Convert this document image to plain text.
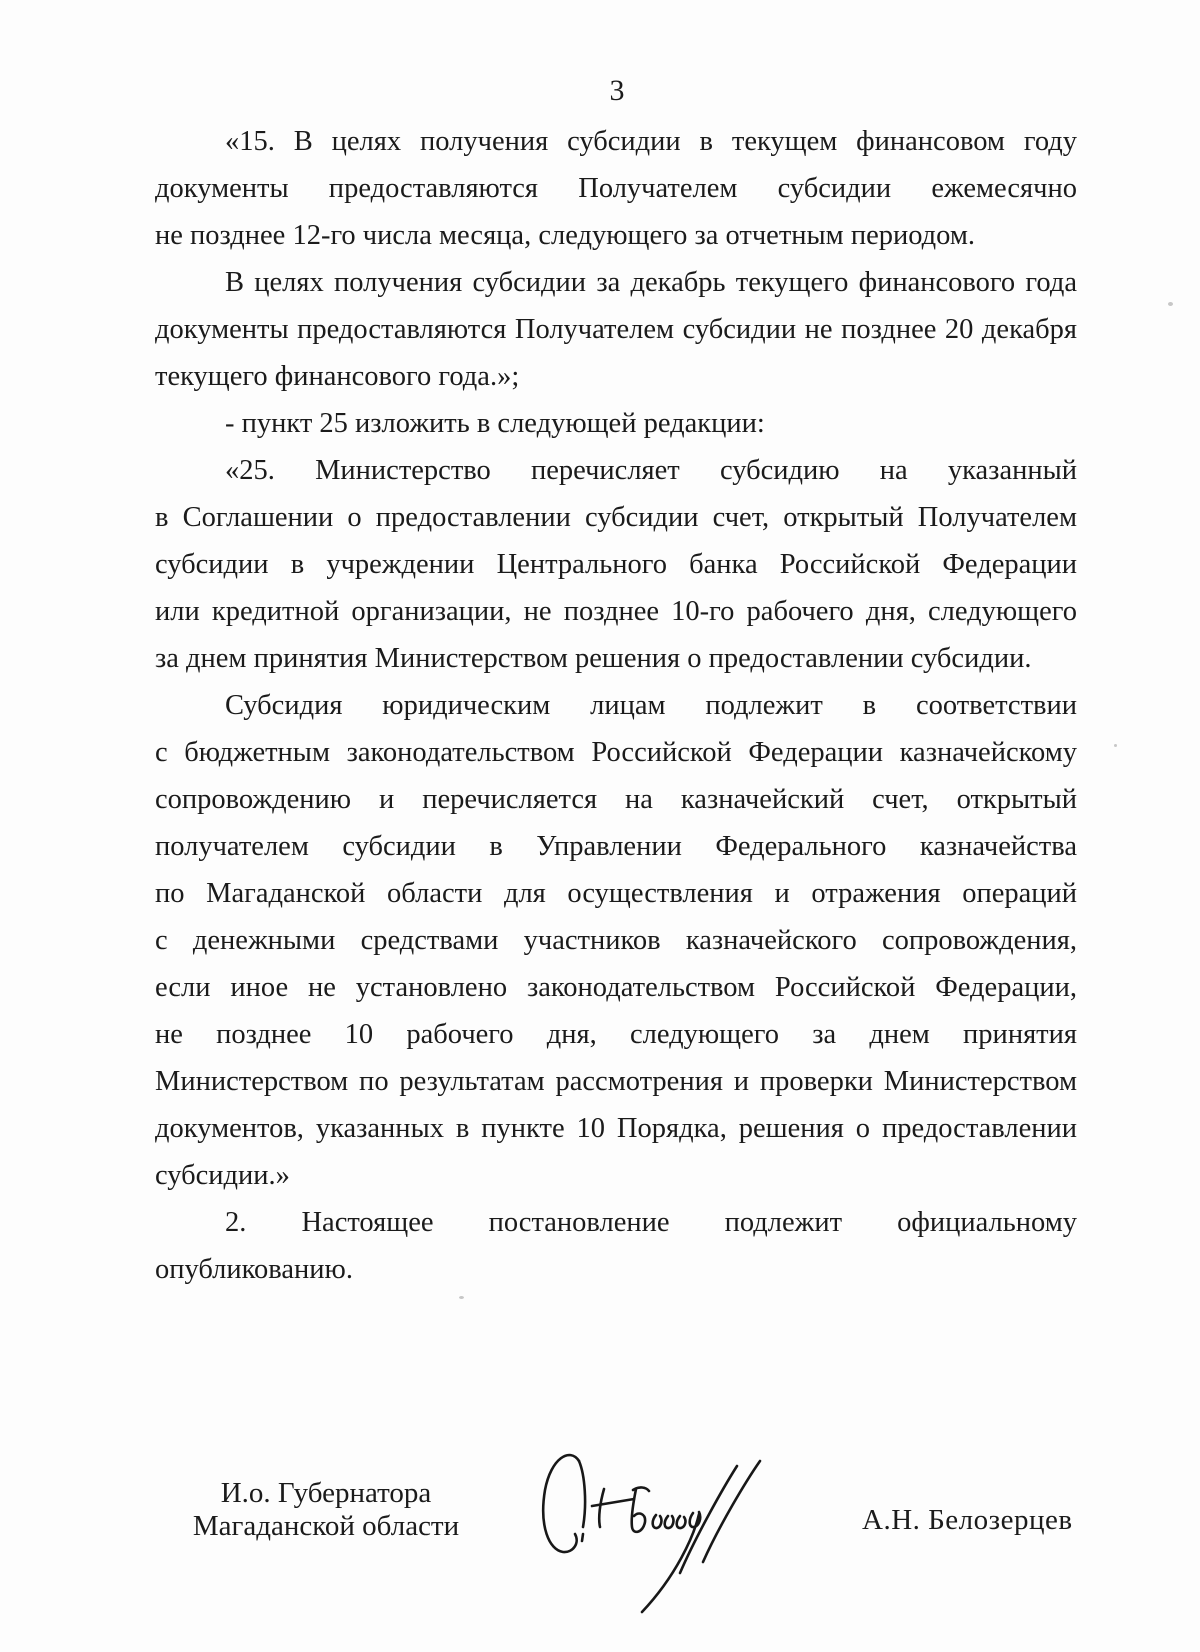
3
«15. В целях получения субсидии в текущем финансовом году
документы предоставляются Получателем субсидии ежемесячно
не позднее 12-го числа месяца, следующего за отчетным периодом.
В целях получения субсидии за декабрь текущего финансового года
документы предоставляются Получателем субсидии не позднее 20 декабря
текущего финансового года.»;
- пункт 25 изложить в следующей редакции:
«25. Министерство перечисляет субсидию на указанный
в Соглашении о предоставлении субсидии счет, открытый Получателем
субсидии в учреждении Центрального банка Российской Федерации
или кредитной организации, не позднее 10-го рабочего дня, следующего
за днем принятия Министерством решения о предоставлении субсидии.
Субсидия юридическим лицам подлежит в соответствии
с бюджетным законодательством Российской Федерации казначейскому
сопровождению и перечисляется на казначейский счет, открытый
получателем субсидии в Управлении Федерального казначейства
по Магаданской области для осуществления и отражения операций
с денежными средствами участников казначейского сопровождения,
если иное не установлено законодательством Российской Федерации,
не позднее 10 рабочего дня, следующего за днем принятия
Министерством по результатам рассмотрения и проверки Министерством
документов, указанных в пункте 10 Порядка, решения о предоставлении
субсидии.»
2. Настоящее постановление подлежит официальному
опубликованию.
И.о. Губернатора
Магаданской области	А.Н. Белозерцев
